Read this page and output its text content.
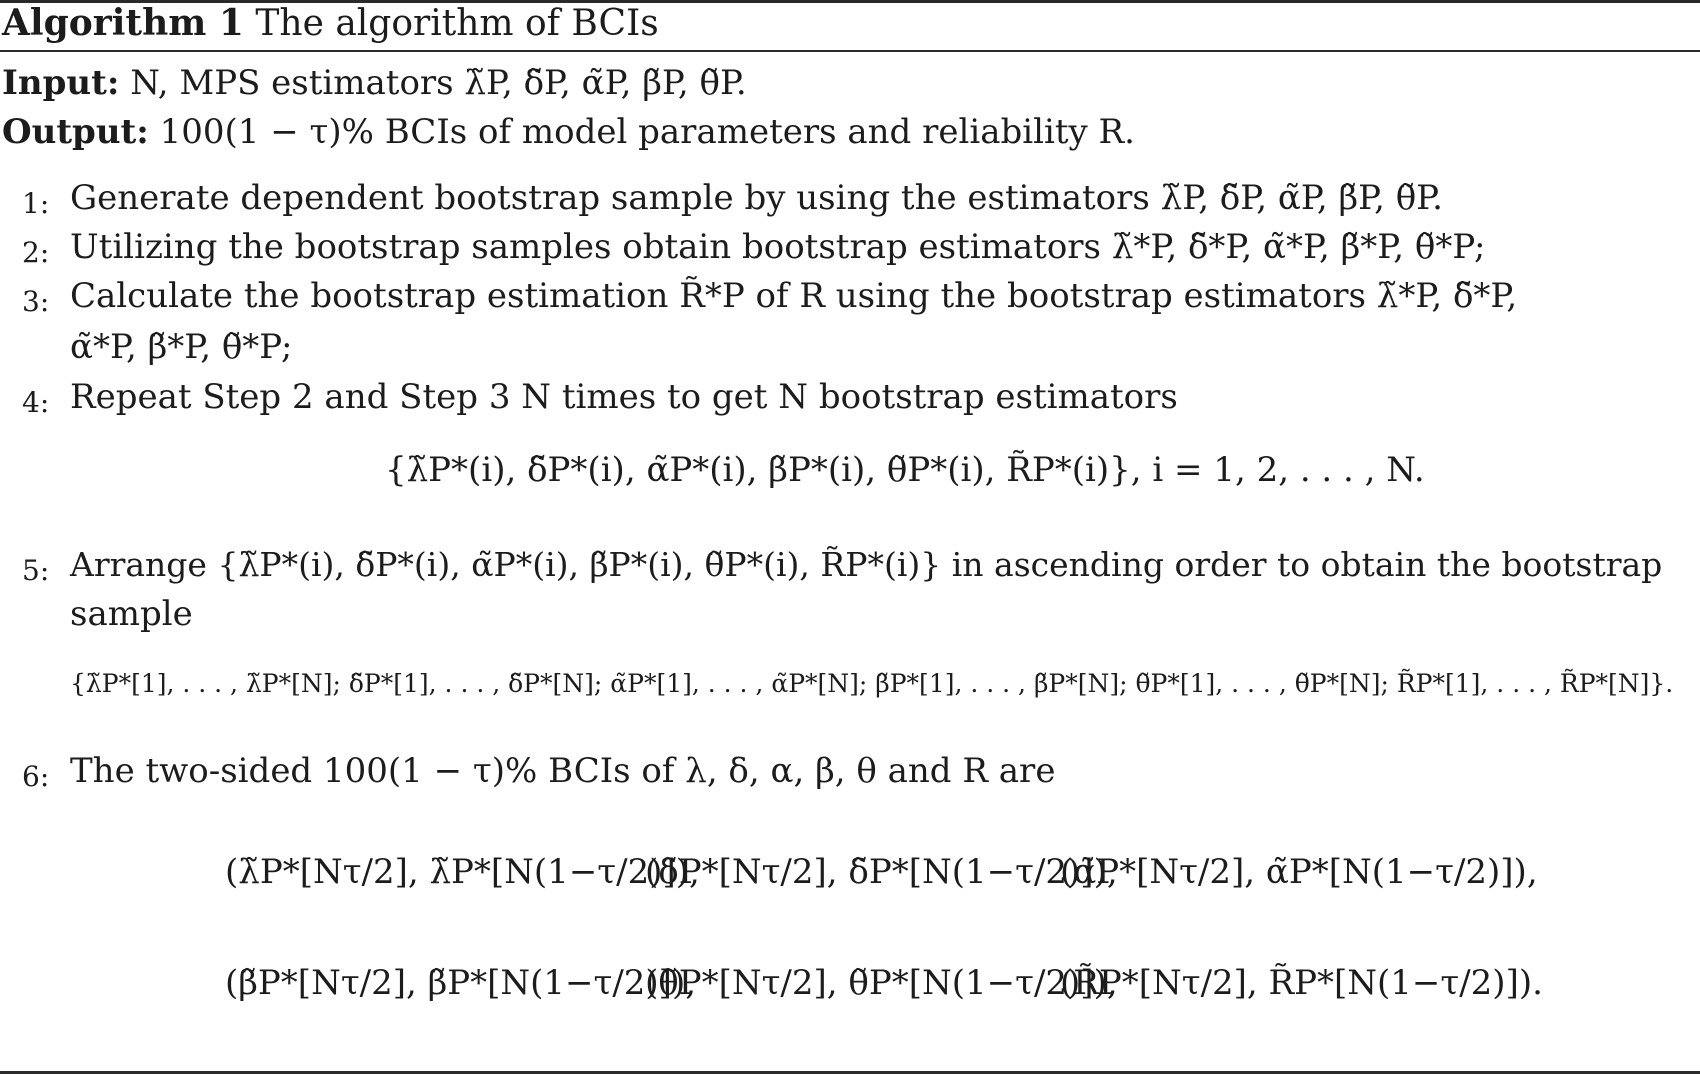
Algorithm 1 The algorithm of BCIs
Input: N, MPS estimators λ̃P, δ̃P, α̃P, β̃P, θ̃P.
Output: 100(1 − τ)% BCIs of model parameters and reliability R.
1: Generate dependent bootstrap sample by using the estimators λ̃P, δ̃P, α̃P, β̃P, θ̃P.
2: Utilizing the bootstrap samples obtain bootstrap estimators λ̃*P, δ̃*P, α̃*P, β̃*P, θ̃*P;
3: Calculate the bootstrap estimation R̃*P of R using the bootstrap estimators λ̃*P, δ̃*P,
α̃*P, β̃*P, θ̃*P;
4: Repeat Step 2 and Step 3 N times to get N bootstrap estimators
{λ̃P*(i), δ̃P*(i), α̃P*(i), β̃P*(i), θ̃P*(i), R̃P*(i)}, i = 1, 2, . . . , N.
5: Arrange {λ̃P*(i), δ̃P*(i), α̃P*(i), β̃P*(i), θ̃P*(i), R̃P*(i)} in ascending order to obtain the bootstrap
sample
{λ̃P*[1], . . . , λ̃P*[N]; δ̃P*[1], . . . , δ̃P*[N]; α̃P*[1], . . . , α̃P*[N]; β̃P*[1], . . . , β̃P*[N]; θ̃P*[1], . . . , θ̃P*[N]; R̃P*[1], . . . , R̃P*[N]}.
6: The two-sided 100(1 − τ)% BCIs of λ, δ, α, β, θ and R are
(λ̃P*[Nτ/2], λ̃P*[N(1−τ/2)]),
(δ̃P*[Nτ/2], δ̃P*[N(1−τ/2)]),
(α̃P*[Nτ/2], α̃P*[N(1−τ/2)]),
(β̃P*[Nτ/2], β̃P*[N(1−τ/2)]),
(θ̃P*[Nτ/2], θ̃P*[N(1−τ/2)]),
(R̃P*[Nτ/2], R̃P*[N(1−τ/2)]).
